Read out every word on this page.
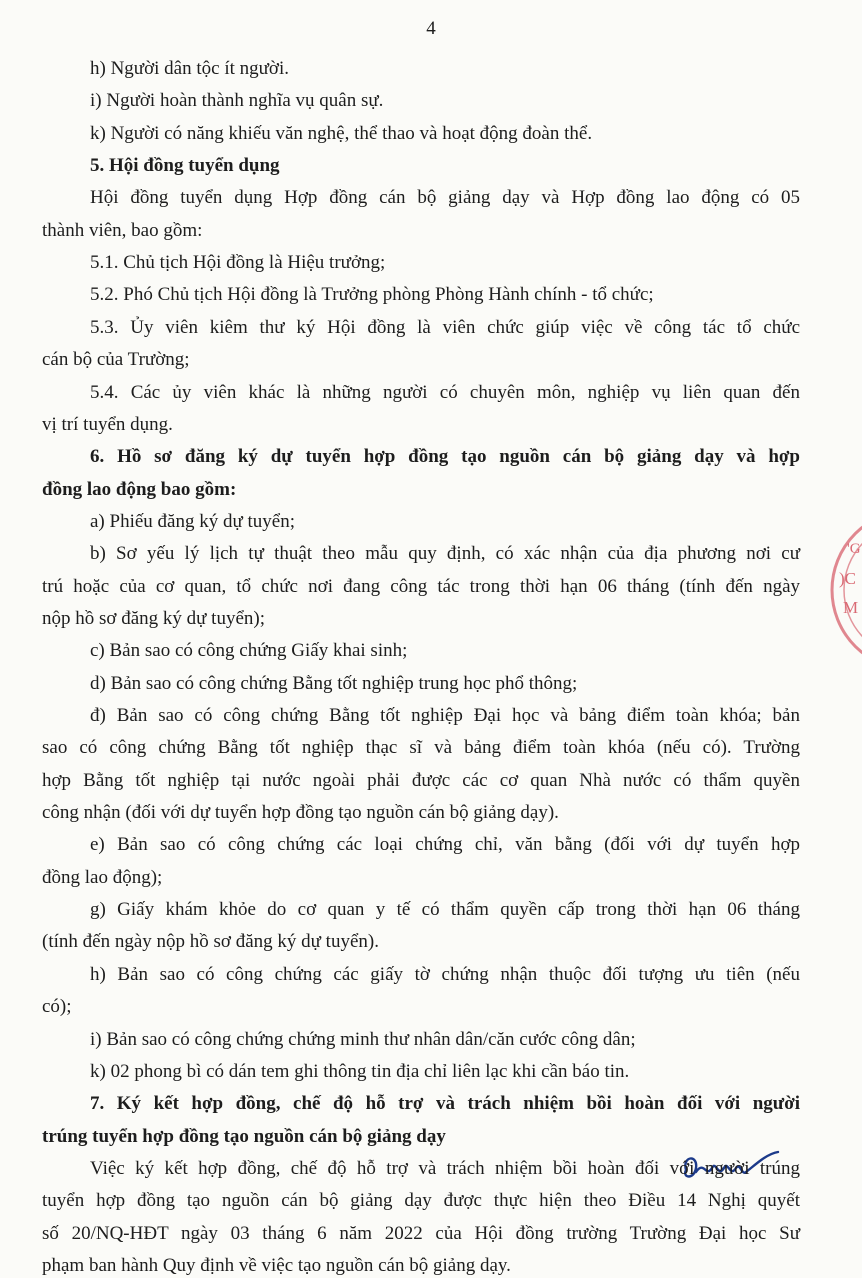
4
'G
)C
M
h) Người dân tộc ít người.
i) Người hoàn thành nghĩa vụ quân sự.
k) Người có năng khiếu văn nghệ, thể thao và hoạt động đoàn thể.
5. Hội đồng tuyển dụng
Hội đồng tuyển dụng Hợp đồng cán bộ giảng dạy và Hợp đồng lao động có 05
thành viên, bao gồm:
5.1. Chủ tịch Hội đồng là Hiệu trưởng;
5.2. Phó Chủ tịch Hội đồng là Trưởng phòng Phòng Hành chính - tổ chức;
5.3. Ủy viên kiêm thư ký Hội đồng là viên chức giúp việc về công tác tổ chức
cán bộ của Trường;
5.4. Các ủy viên khác là những người có chuyên môn, nghiệp vụ liên quan đến
vị trí tuyển dụng.
6. Hồ sơ đăng ký dự tuyển hợp đồng tạo nguồn cán bộ giảng dạy và hợp
đồng lao động bao gồm:
a) Phiếu đăng ký dự tuyển;
b) Sơ yếu lý lịch tự thuật theo mẫu quy định, có xác nhận của địa phương nơi cư
trú hoặc của cơ quan, tổ chức nơi đang công tác trong thời hạn 06 tháng (tính đến ngày
nộp hồ sơ đăng ký dự tuyển);
c) Bản sao có công chứng Giấy khai sinh;
d) Bản sao có công chứng Bằng tốt nghiệp trung học phổ thông;
đ) Bản sao có công chứng Bằng tốt nghiệp Đại học và bảng điểm toàn khóa; bản
sao có công chứng Bằng tốt nghiệp thạc sĩ và bảng điểm toàn khóa (nếu có). Trường
hợp Bằng tốt nghiệp tại nước ngoài phải được các cơ quan Nhà nước có thẩm quyền
công nhận (đối với dự tuyển hợp đồng tạo nguồn cán bộ giảng dạy).
e) Bản sao có công chứng các loại chứng chỉ, văn bằng (đối với dự tuyển hợp
đồng lao động);
g) Giấy khám khỏe do cơ quan y tế có thẩm quyền cấp trong thời hạn 06 tháng
(tính đến ngày nộp hồ sơ đăng ký dự tuyển).
h) Bản sao có công chứng các giấy tờ chứng nhận thuộc đối tượng ưu tiên (nếu
có);
i) Bản sao có công chứng chứng minh thư nhân dân/căn cước công dân;
k) 02 phong bì có dán tem ghi thông tin địa chỉ liên lạc khi cần báo tin.
7. Ký kết hợp đồng, chế độ hỗ trợ và trách nhiệm bồi hoàn đối với người
trúng tuyển hợp đồng tạo nguồn cán bộ giảng dạy
Việc ký kết hợp đồng, chế độ hỗ trợ và trách nhiệm bồi hoàn đối với người trúng
tuyển hợp đồng tạo nguồn cán bộ giảng dạy được thực hiện theo Điều 14 Nghị quyết
số 20/NQ-HĐT ngày 03 tháng 6 năm 2022 của Hội đồng trường Trường Đại học Sư
phạm ban hành Quy định về việc tạo nguồn cán bộ giảng dạy.
